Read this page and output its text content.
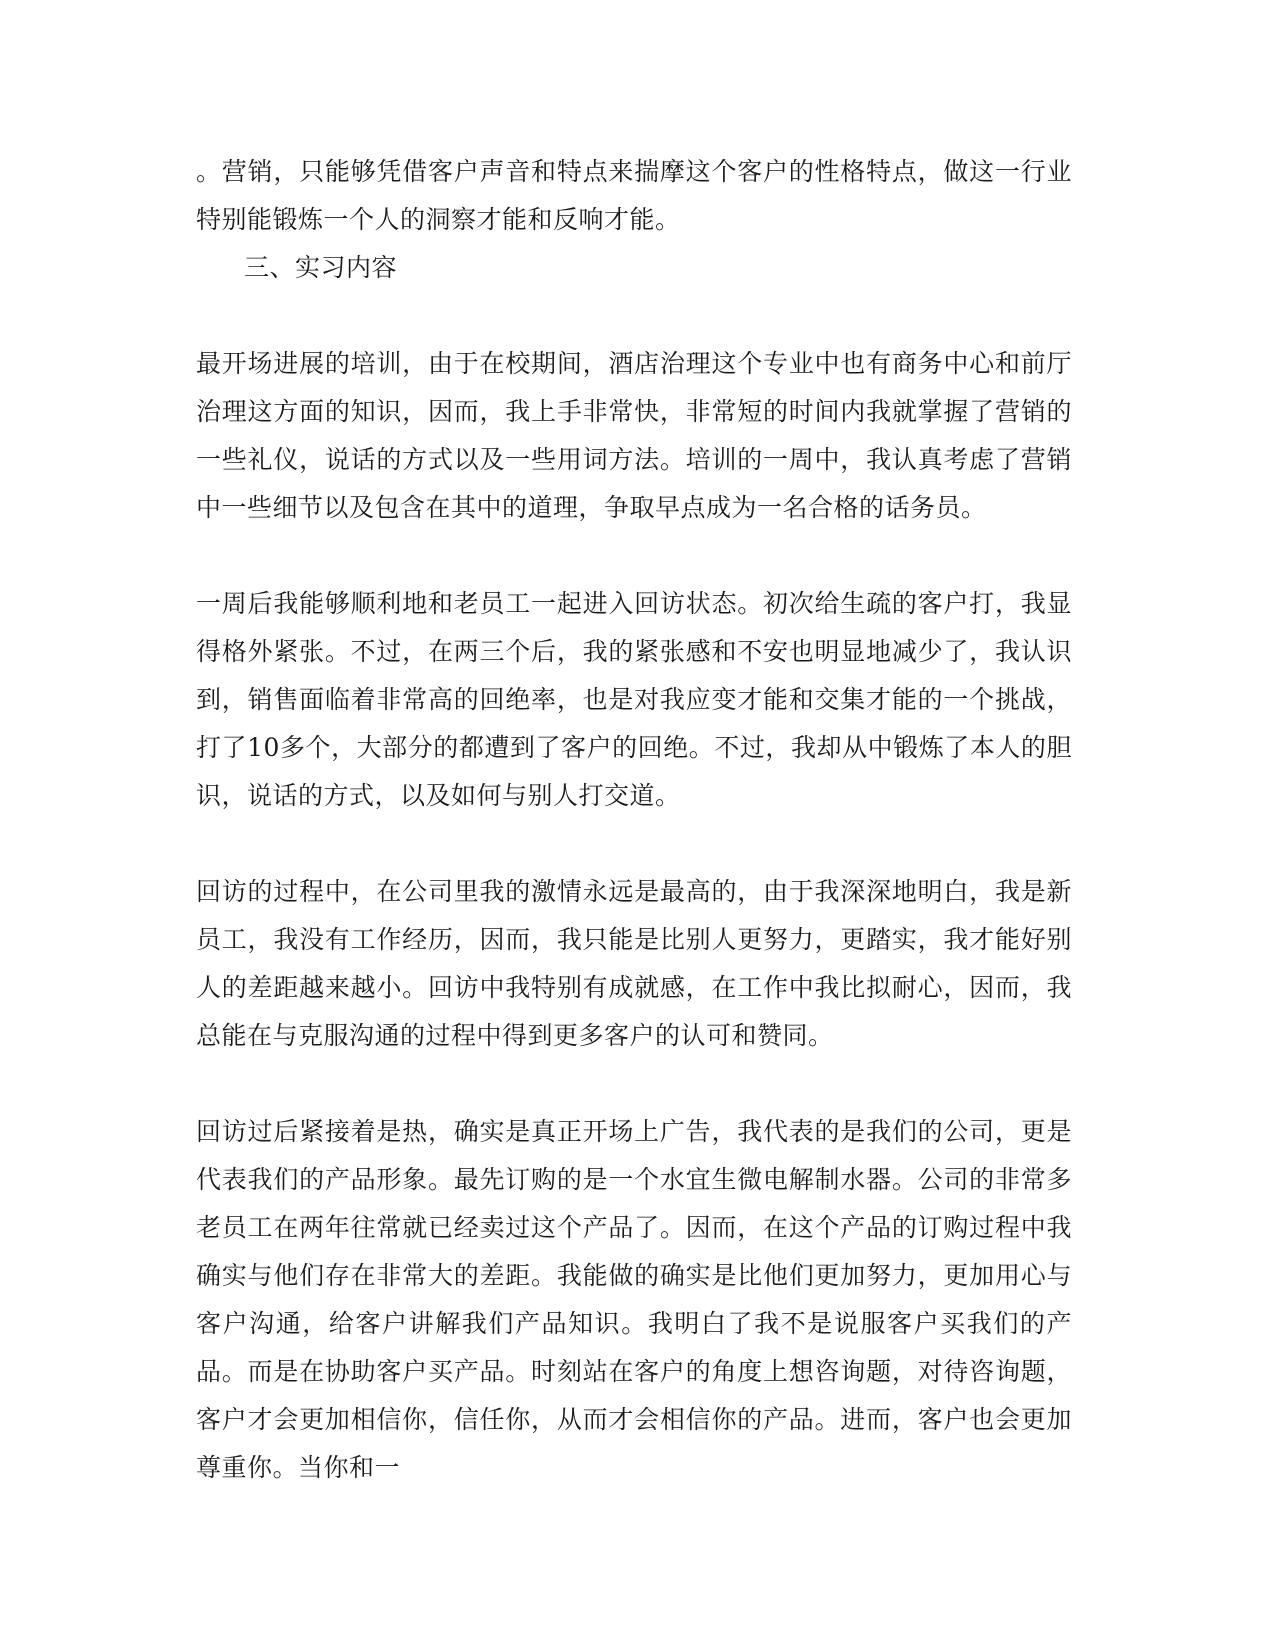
。营销，只能够凭借客户声音和特点来揣摩这个客户的性格特点，做这一行业特别能锻炼一个人的洞察才能和反响才能。

三、实习内容

最开场进展的培训，由于在校期间，酒店治理这个专业中也有商务中心和前厅治理这方面的知识，因而，我上手非常快，非常短的时间内我就掌握了营销的一些礼仪，说话的方式以及一些用词方法。培训的一周中，我认真考虑了营销中一些细节以及包含在其中的道理，争取早点成为一名合格的话务员。

一周后我能够顺利地和老员工一起进入回访状态。初次给生疏的客户打，我显得格外紧张。不过，在两三个后，我的紧张感和不安也明显地减少了，我认识到，销售面临着非常高的回绝率，也是对我应变才能和交集才能的一个挑战，打了10多个，大部分的都遭到了客户的回绝。不过，我却从中锻炼了本人的胆识，说话的方式，以及如何与别人打交道。

回访的过程中，在公司里我的激情永远是最高的，由于我深深地明白，我是新员工，我没有工作经历，因而，我只能是比别人更努力，更踏实，我才能好别人的差距越来越小。回访中我特别有成就感，在工作中我比拟耐心，因而，我总能在与克服沟通的过程中得到更多客户的认可和赞同。

回访过后紧接着是热，确实是真正开场上广告，我代表的是我们的公司，更是代表我们的产品形象。最先订购的是一个水宜生微电解制水器。公司的非常多老员工在两年往常就已经卖过这个产品了。因而，在这个产品的订购过程中我确实与他们存在非常大的差距。我能做的确实是比他们更加努力，更加用心与客户沟通，给客户讲解我们产品知识。我明白了我不是说服客户买我们的产品。而是在协助客户买产品。时刻站在客户的角度上想咨询题，对待咨询题，客户才会更加相信你，信任你，从而才会相信你的产品。进而，客户也会更加尊重你。当你和一
